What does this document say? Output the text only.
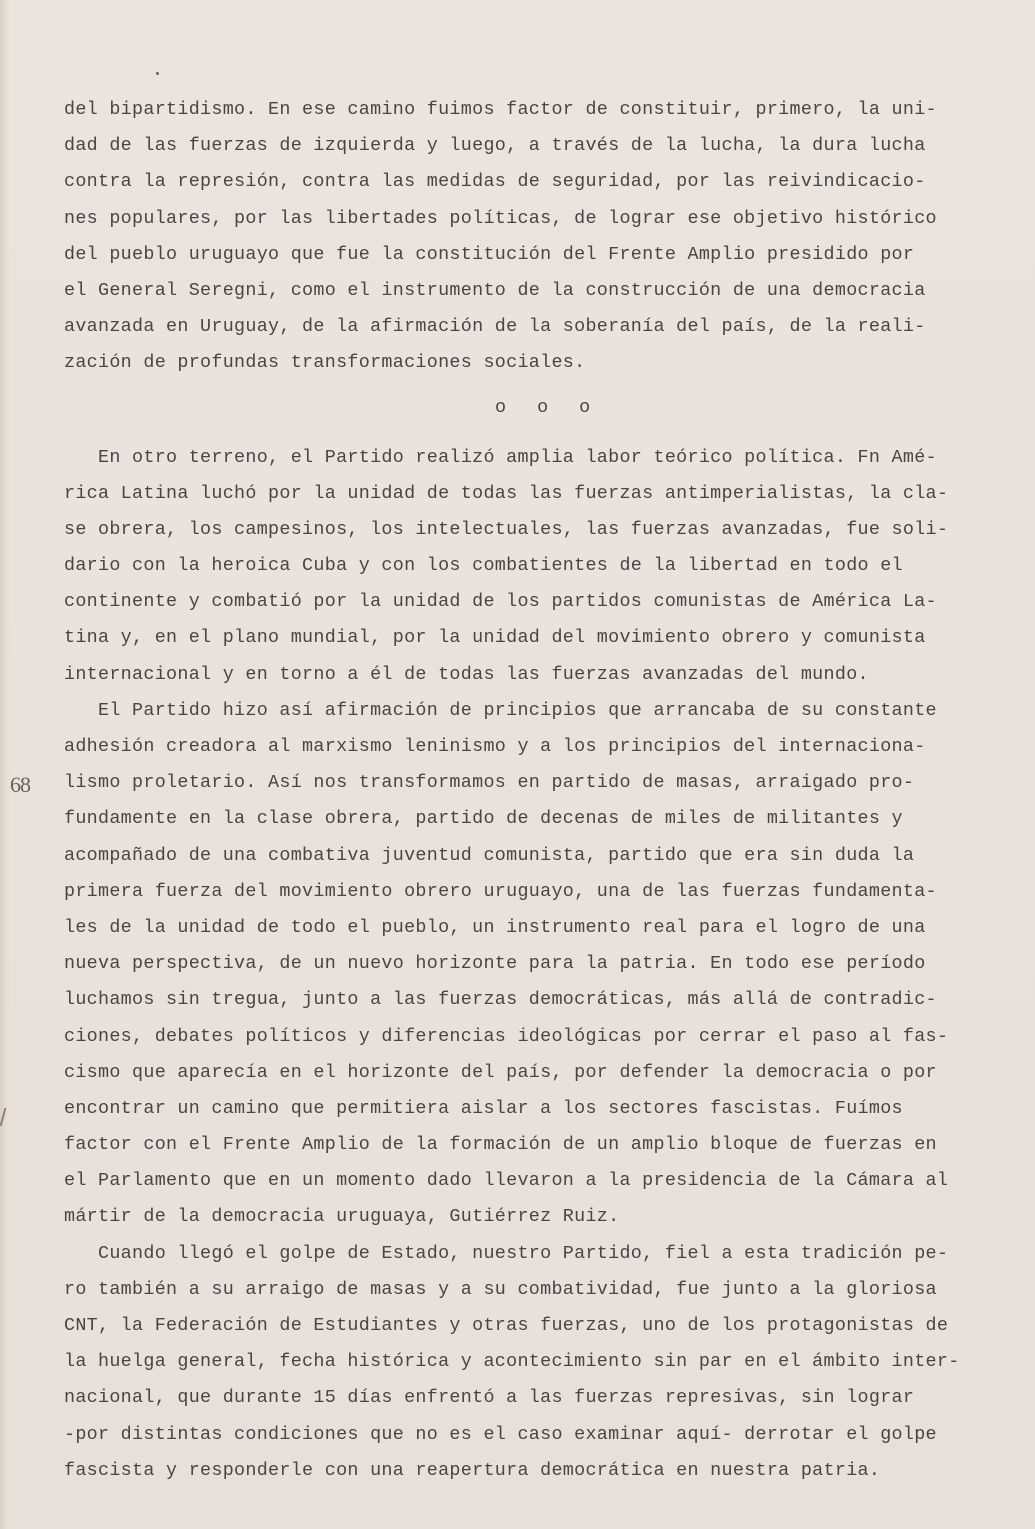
68
del bipartidismo. En ese camino fuimos factor de constituir, primero, la uni-
dad de las fuerzas de izquierda y luego, a través de la lucha, la dura lucha
contra la represión, contra las medidas de seguridad, por las reivindicacio-
nes populares, por las libertades políticas, de lograr ese objetivo histórico
del pueblo uruguayo que fue la constitución del Frente Amplio presidido por
el General Seregni, como el instrumento de la construcción de una democracia
avanzada en Uruguay, de la afirmación de la soberanía del país, de la reali-
zación de profundas transformaciones sociales.
o o o
En otro terreno, el Partido realizó amplia labor teórico política. Fn Amé-
rica Latina luchó por la unidad de todas las fuerzas antimperialistas, la cla-
se obrera, los campesinos, los intelectuales, las fuerzas avanzadas, fue soli-
dario con la heroica Cuba y con los combatientes de la libertad en todo el
continente y combatió por la unidad de los partidos comunistas de América La-
tina y, en el plano mundial, por la unidad del movimiento obrero y comunista
internacional y en torno a él de todas las fuerzas avanzadas del mundo.
El Partido hizo así afirmación de principios que arrancaba de su constante
adhesión creadora al marxismo leninismo y a los principios del internaciona-
lismo proletario. Así nos transformamos en partido de masas, arraigado pro-
fundamente en la clase obrera, partido de decenas de miles de militantes y
acompañado de una combativa juventud comunista, partido que era sin duda la
primera fuerza del movimiento obrero uruguayo, una de las fuerzas fundamenta-
les de la unidad de todo el pueblo, un instrumento real para el logro de una
nueva perspectiva, de un nuevo horizonte para la patria. En todo ese período
luchamos sin tregua, junto a las fuerzas democráticas, más allá de contradic-
ciones, debates políticos y diferencias ideológicas por cerrar el paso al fas-
cismo que aparecía en el horizonte del país, por defender la democracia o por
encontrar un camino que permitiera aislar a los sectores fascistas. Fuímos
factor con el Frente Amplio de la formación de un amplio bloque de fuerzas en
el Parlamento que en un momento dado llevaron a la presidencia de la Cámara al
mártir de la democracia uruguaya, Gutiérrez Ruiz.
Cuando llegó el golpe de Estado, nuestro Partido, fiel a esta tradición pe-
ro también a su arraigo de masas y a su combatividad, fue junto a la gloriosa
CNT, la Federación de Estudiantes y otras fuerzas, uno de los protagonistas de
la huelga general, fecha histórica y acontecimiento sin par en el ámbito inter-
nacional, que durante 15 días enfrentó a las fuerzas represivas, sin lograr
-por distintas condiciones que no es el caso examinar aquí- derrotar el golpe
fascista y responderle con una reapertura democrática en nuestra patria.
